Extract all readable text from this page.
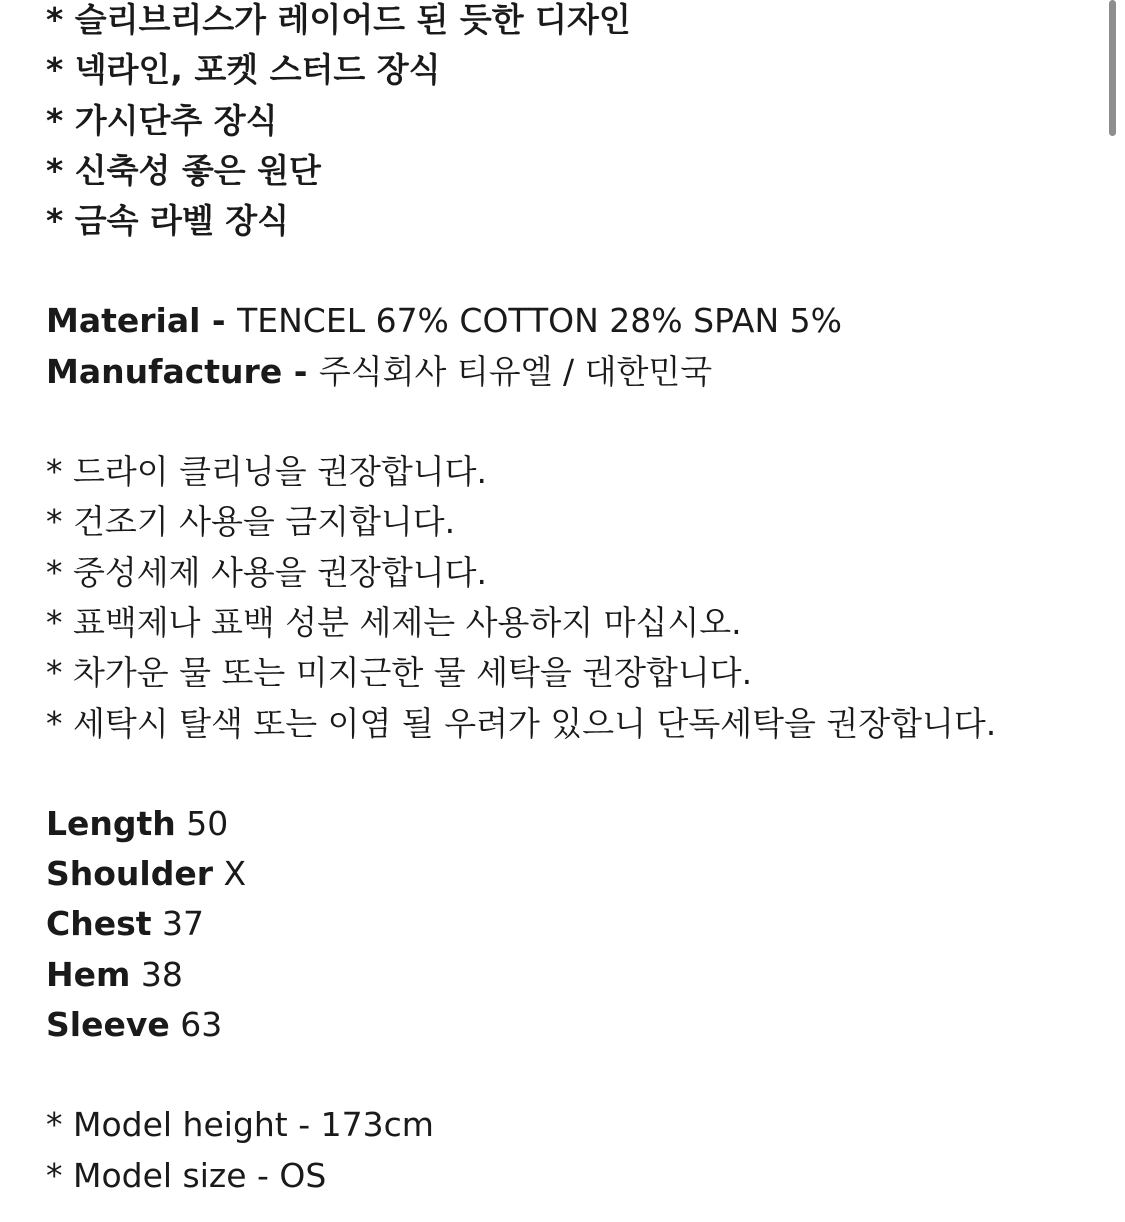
* 슬리브리스가 레이어드 된 듯한 디자인
* 넥라인, 포켓 스터드 장식
* 가시단추 장식
* 신축성 좋은 원단
* 금속 라벨 장식
Material - TENCEL 67% COTTON 28% SPAN 5%
Manufacture - 주식회사 티유엘 / 대한민국
* 드라이 클리닝을 권장합니다.
* 건조기 사용을 금지합니다.
* 중성세제 사용을 권장합니다.
* 표백제나 표백 성분 세제는 사용하지 마십시오.
* 차가운 물 또는 미지근한 물 세탁을 권장합니다.
* 세탁시 탈색 또는 이염 될 우려가 있으니 단독세탁을 권장합니다.
Length 50
Shoulder X
Chest 37
Hem 38
Sleeve 63
* Model height - 173cm
* Model size - OS
